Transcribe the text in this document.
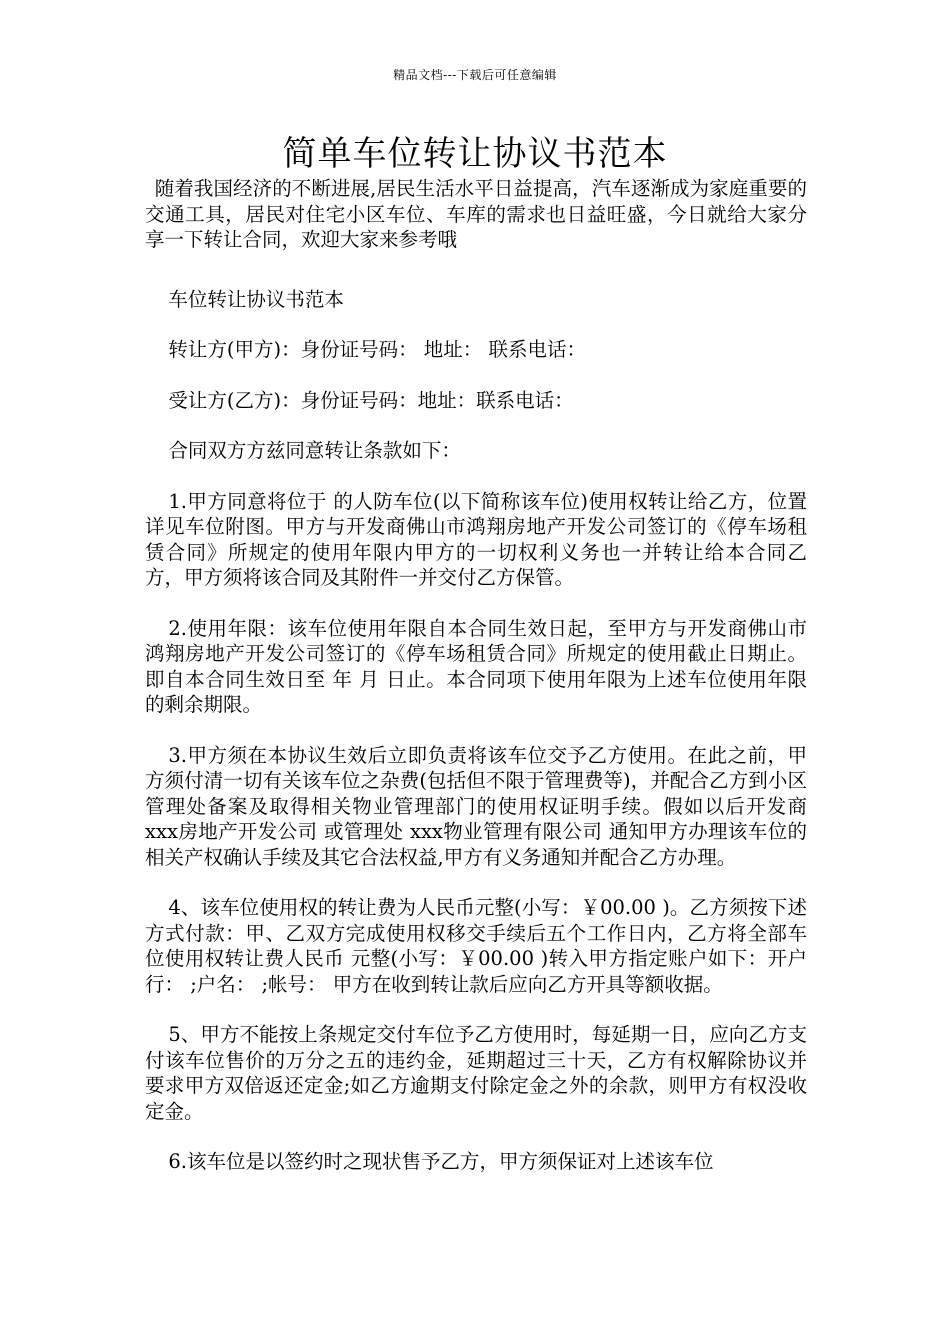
精品文档---下载后可任意编辑
简单车位转让协议书范本

随着我国经济的不断进展,居民生活水平日益提高，汽车逐渐成为家庭重要的交通工具，居民对住宅小区车位、车库的需求也日益旺盛，今日就给大家分享一下转让合同，欢迎大家来参考哦

车位转让协议书范本

转让方(甲方)：身份证号码： 地址： 联系电话：

受让方(乙方)：身份证号码：地址：联系电话：

合同双方方兹同意转让条款如下：

1.甲方同意将位于 的人防车位(以下简称该车位)使用权转让给乙方，位置详见车位附图。甲方与开发商佛山市鸿翔房地产开发公司签订的《停车场租赁合同》所规定的使用年限内甲方的一切权利义务也一并转让给本合同乙方，甲方须将该合同及其附件一并交付乙方保管。

2.使用年限：该车位使用年限自本合同生效日起，至甲方与开发商佛山市鸿翔房地产开发公司签订的《停车场租赁合同》所规定的使用截止日期止。即自本合同生效日至 年 月 日止。本合同项下使用年限为上述车位使用年限的剩余期限。

3.甲方须在本协议生效后立即负责将该车位交予乙方使用。在此之前，甲方须付清一切有关该车位之杂费(包括但不限于管理费等)，并配合乙方到小区管理处备案及取得相关物业管理部门的使用权证明手续。假如以后开发商 xxx房地产开发公司 或管理处 xxx物业管理有限公司 通知甲方办理该车位的相关产权确认手续及其它合法权益,甲方有义务通知并配合乙方办理。

4、该车位使用权的转让费为人民币元整(小写：￥00.00 )。乙方须按下述方式付款：甲、乙双方完成使用权移交手续后五个工作日内，乙方将全部车位使用权转让费人民币 元整(小写：￥00.00 )转入甲方指定账户如下：开户行： ;户名： ;帐号： 甲方在收到转让款后应向乙方开具等额收据。

5、甲方不能按上条规定交付车位予乙方使用时，每延期一日，应向乙方支付该车位售价的万分之五的违约金，延期超过三十天，乙方有权解除协议并要求甲方双倍返还定金;如乙方逾期支付除定金之外的余款，则甲方有权没收定金。

6.该车位是以签约时之现状售予乙方，甲方须保证对上述该车位
